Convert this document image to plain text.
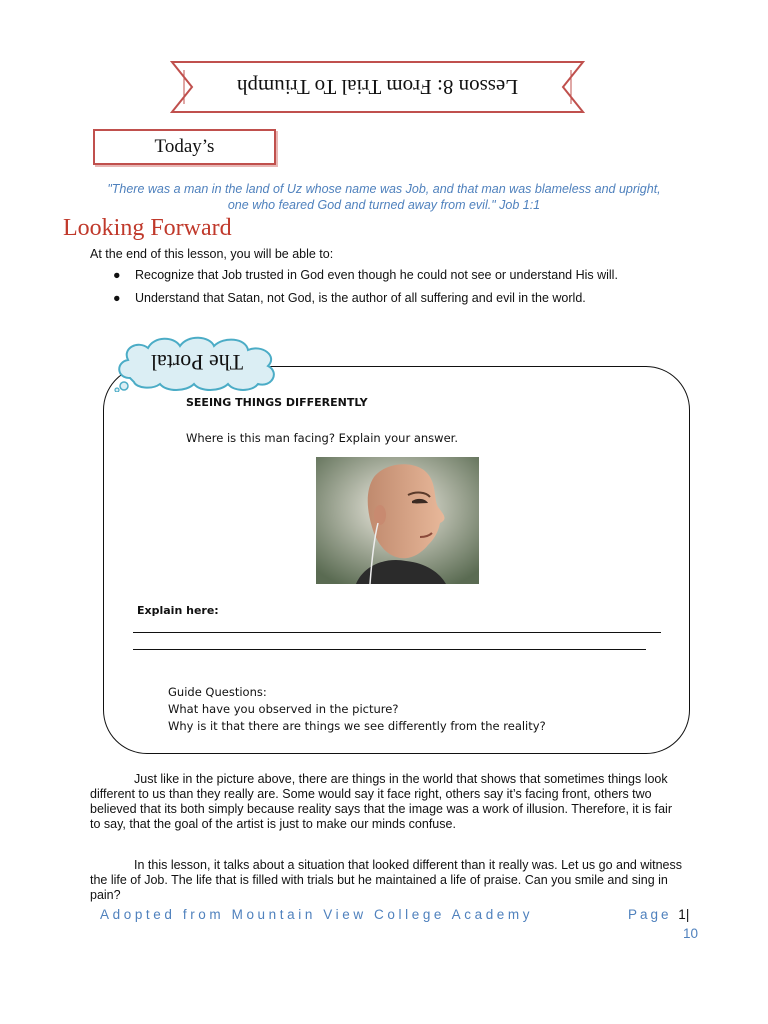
Lesson 8: From Trial To Triumph
Today’s
"There was a man in the land of Uz whose name was Job, and that man was blameless and upright, one who feared God and turned away from evil." Job 1:1
Looking Forward
At the end of this lesson, you will be able to:
●	Recognize that Job trusted in God even though he could not see or understand His will.
●	Understand that Satan, not God, is the author of all suffering and evil in the world.
The Portal
SEEING THINGS DIFFERENTLY
Where is this man facing? Explain your answer.
Explain here:
Guide Questions:
What have you observed in the picture?
Why is it that there are things we see differently from the reality?
Just like in the picture above, there are things in the world that shows that sometimes things look different to us than they really are. Some would say it face right, others say it’s facing front, others two believed that its both simply because reality says that the image was a work of illusion. Therefore, it is fair to say, that the goal of the artist is just to make our minds confuse.
In this lesson, it talks about a situation that looked different than it really was. Let us go and witness the life of Job. The life that is filled with trials but he maintained a life of praise. Can you smile and sing in pain?
Adopted from Mountain View College Academy	Page 1|
10
